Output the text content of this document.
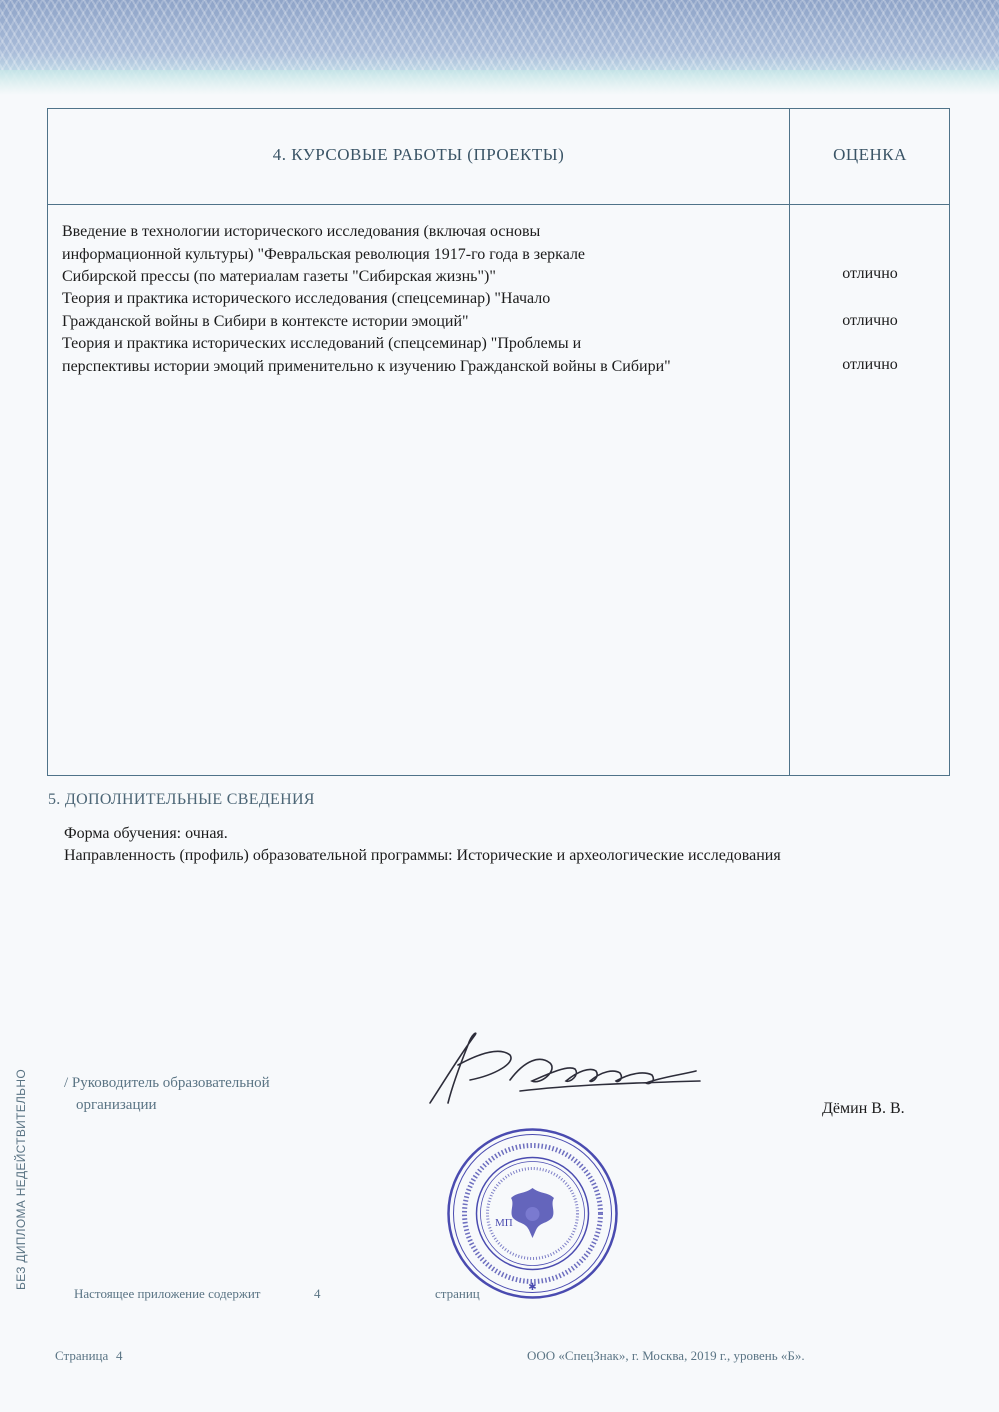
4. КУРСОВЫЕ РАБОТЫ (ПРОЕКТЫ)	ОЦЕНКА
Введение в технологии исторического исследования (включая основы
информационной культуры) "Февральская революция 1917-го года в зеркале
Сибирской прессы (по материалам газеты "Сибирская жизнь")"	отлично
Теория и практика исторического исследования (спецсеминар) "Начало
Гражданской войны в Сибири в контексте истории эмоций"	отлично
Теория и практика исторических исследований (спецсеминар) "Проблемы и
перспективы истории эмоций применительно к изучению Гражданской войны в Сибири"	отлично
5. ДОПОЛНИТЕЛЬНЫЕ СВЕДЕНИЯ
Форма обучения: очная.
Направленность (профиль) образовательной программы: Исторические и археологические исследования
БЕЗ ДИПЛОМА НЕДЕЙСТВИТЕЛЬНО / Руководитель образовательной
организации	Дёмин В. В.
МП
✱
Настоящее приложение содержит	4	страниц
Страница 4	ООО «СпецЗнак», г. Москва, 2019 г., уровень «Б».
